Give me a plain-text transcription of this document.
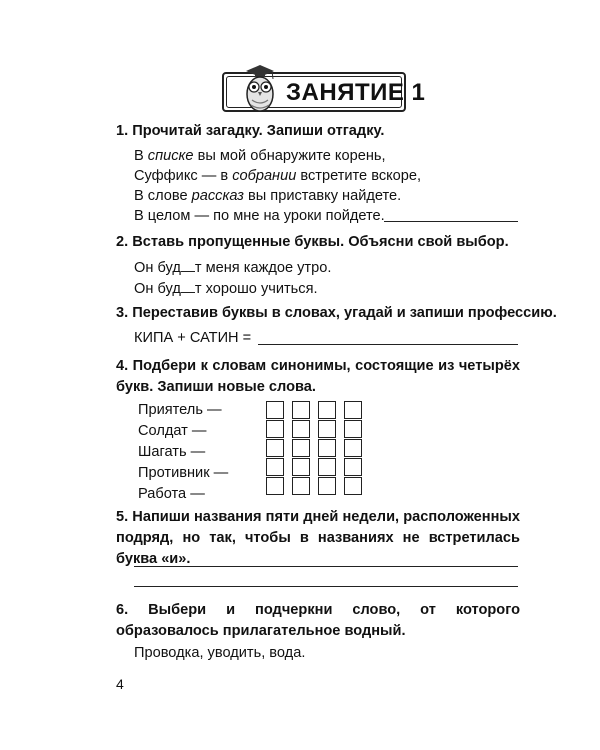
ЗАНЯТИЕ 1
1. Прочитай загадку. Запиши отгадку.
В списке вы мой обнаружите корень,
Суффикс — в собрании встретите вскоре,
В слове рассказ вы приставку найдете.
В целом — по мне на уроки пойдете.
2. Вставь пропущенные буквы. Объясни свой выбор.
Он буд т меня каждое утро.
Он буд т хорошо учиться.
3. Переставив буквы в словах, угадай и запиши профессию.
КИПА + САТИН =
4. Подбери к словам синонимы, состоящие из четырёх букв. Запиши новые слова.
Приятель —
Солдат —
Шагать —
Противник —
Работа —
5. Напиши названия пяти дней недели, расположенных подряд, но так, чтобы в названиях не встретилась буква «и».
6. Выбери и подчеркни слово, от которого образовалось прилагательное водный.
Проводка, уводить, вода.
4
